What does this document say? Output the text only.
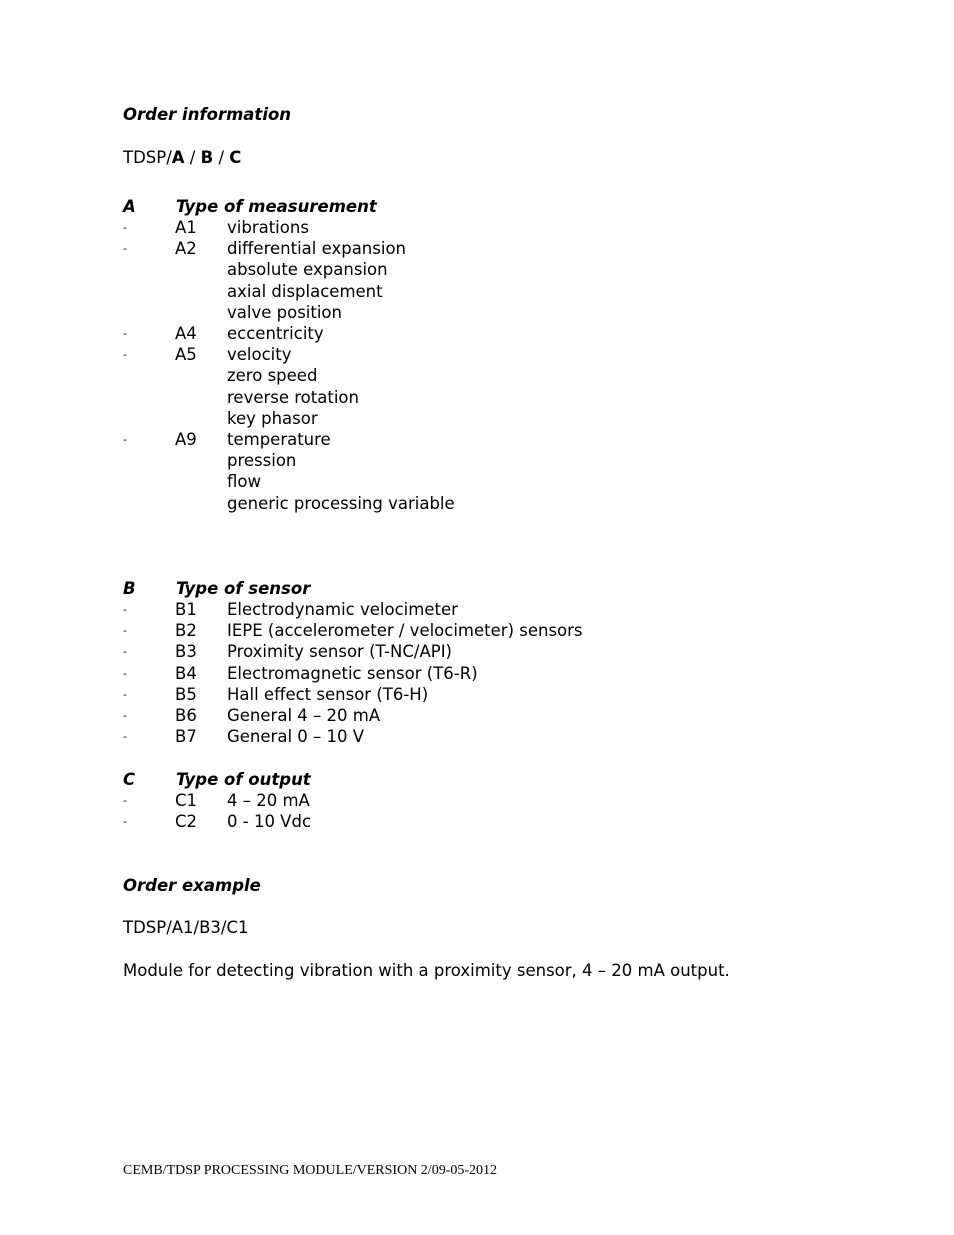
Order information
TDSP/A / B / C
A Type of measurement
-	A1 vibrations
-	A2 differential expansion
absolute expansion
axial displacement
valve position
-	A4 eccentricity
-	A5 velocity
zero speed
reverse rotation
key phasor
-	A9 temperature
pression
flow
generic processing variable
B Type of sensor
-	B1 Electrodynamic velocimeter
-	B2 IEPE (accelerometer / velocimeter) sensors
-	B3 Proximity sensor (T-NC/API)
-	B4 Electromagnetic sensor (T6-R)
-	B5 Hall effect sensor (T6-H)
-	B6 General 4 – 20 mA
-	B7 General 0 – 10 V
C Type of output
-	C1 4 – 20 mA
-	C2 0 - 10 Vdc
Order example
TDSP/A1/B3/C1
Module for detecting vibration with a proximity sensor, 4 – 20 mA output.
CEMB/TDSP PROCESSING MODULE/VERSION 2/09-05-2012
